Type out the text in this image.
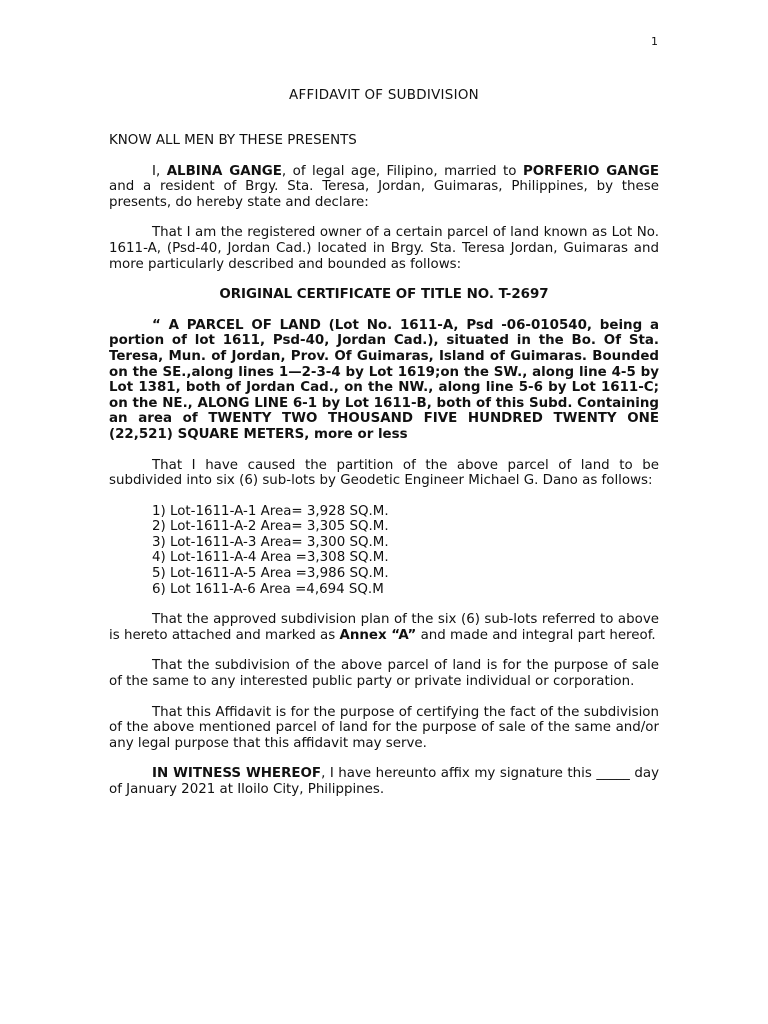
1
AFFIDAVIT OF SUBDIVISION

KNOW ALL MEN BY THESE PRESENTS

I, ALBINA GANGE, of legal age, Filipino, married to PORFERIO GANGE and a resident of Brgy. Sta. Teresa, Jordan, Guimaras, Philippines, by these presents, do hereby state and declare:

That I am the registered owner of a certain parcel of land known as Lot No. 1611-A, (Psd-40, Jordan Cad.) located in Brgy. Sta. Teresa Jordan, Guimaras and more particularly described and bounded as follows:

ORIGINAL CERTIFICATE OF TITLE NO. T-2697

“ A PARCEL OF LAND (Lot No. 1611-A, Psd -06-010540, being a portion of lot 1611, Psd-40, Jordan Cad.), situated in the Bo. Of Sta. Teresa, Mun. of Jordan, Prov. Of Guimaras, Island of Guimaras. Bounded on the SE.,along lines 1—2-3-4 by Lot 1619;on the SW., along line 4-5 by Lot 1381, both of Jordan Cad., on the NW., along line 5-6 by Lot 1611-C; on the NE., ALONG LINE 6-1 by Lot 1611-B, both of this Subd. Containing an area of TWENTY TWO THOUSAND FIVE HUNDRED TWENTY ONE (22,521) SQUARE METERS, more or less

That I have caused the partition of the above parcel of land to be subdivided into six (6) sub-lots by Geodetic Engineer Michael G. Dano as follows:

1) Lot-1611-A-1 Area= 3,928 SQ.M.
2) Lot-1611-A-2 Area= 3,305 SQ.M.
3) Lot-1611-A-3 Area= 3,300 SQ.M.
4) Lot-1611-A-4 Area =3,308 SQ.M.
5) Lot-1611-A-5 Area =3,986 SQ.M.
6) Lot 1611-A-6 Area =4,694 SQ.M

That the approved subdivision plan of the six (6) sub-lots referred to above is hereto attached and marked as Annex “A” and made and integral part hereof.

That the subdivision of the above parcel of land is for the purpose of sale of the same to any interested public party or private individual or corporation.

That this Affidavit is for the purpose of certifying the fact of the subdivision of the above mentioned parcel of land for the purpose of sale of the same and/or any legal purpose that this affidavit may serve.

IN WITNESS WHEREOF, I have hereunto affix my signature this _____ day of January 2021 at Iloilo City, Philippines.
